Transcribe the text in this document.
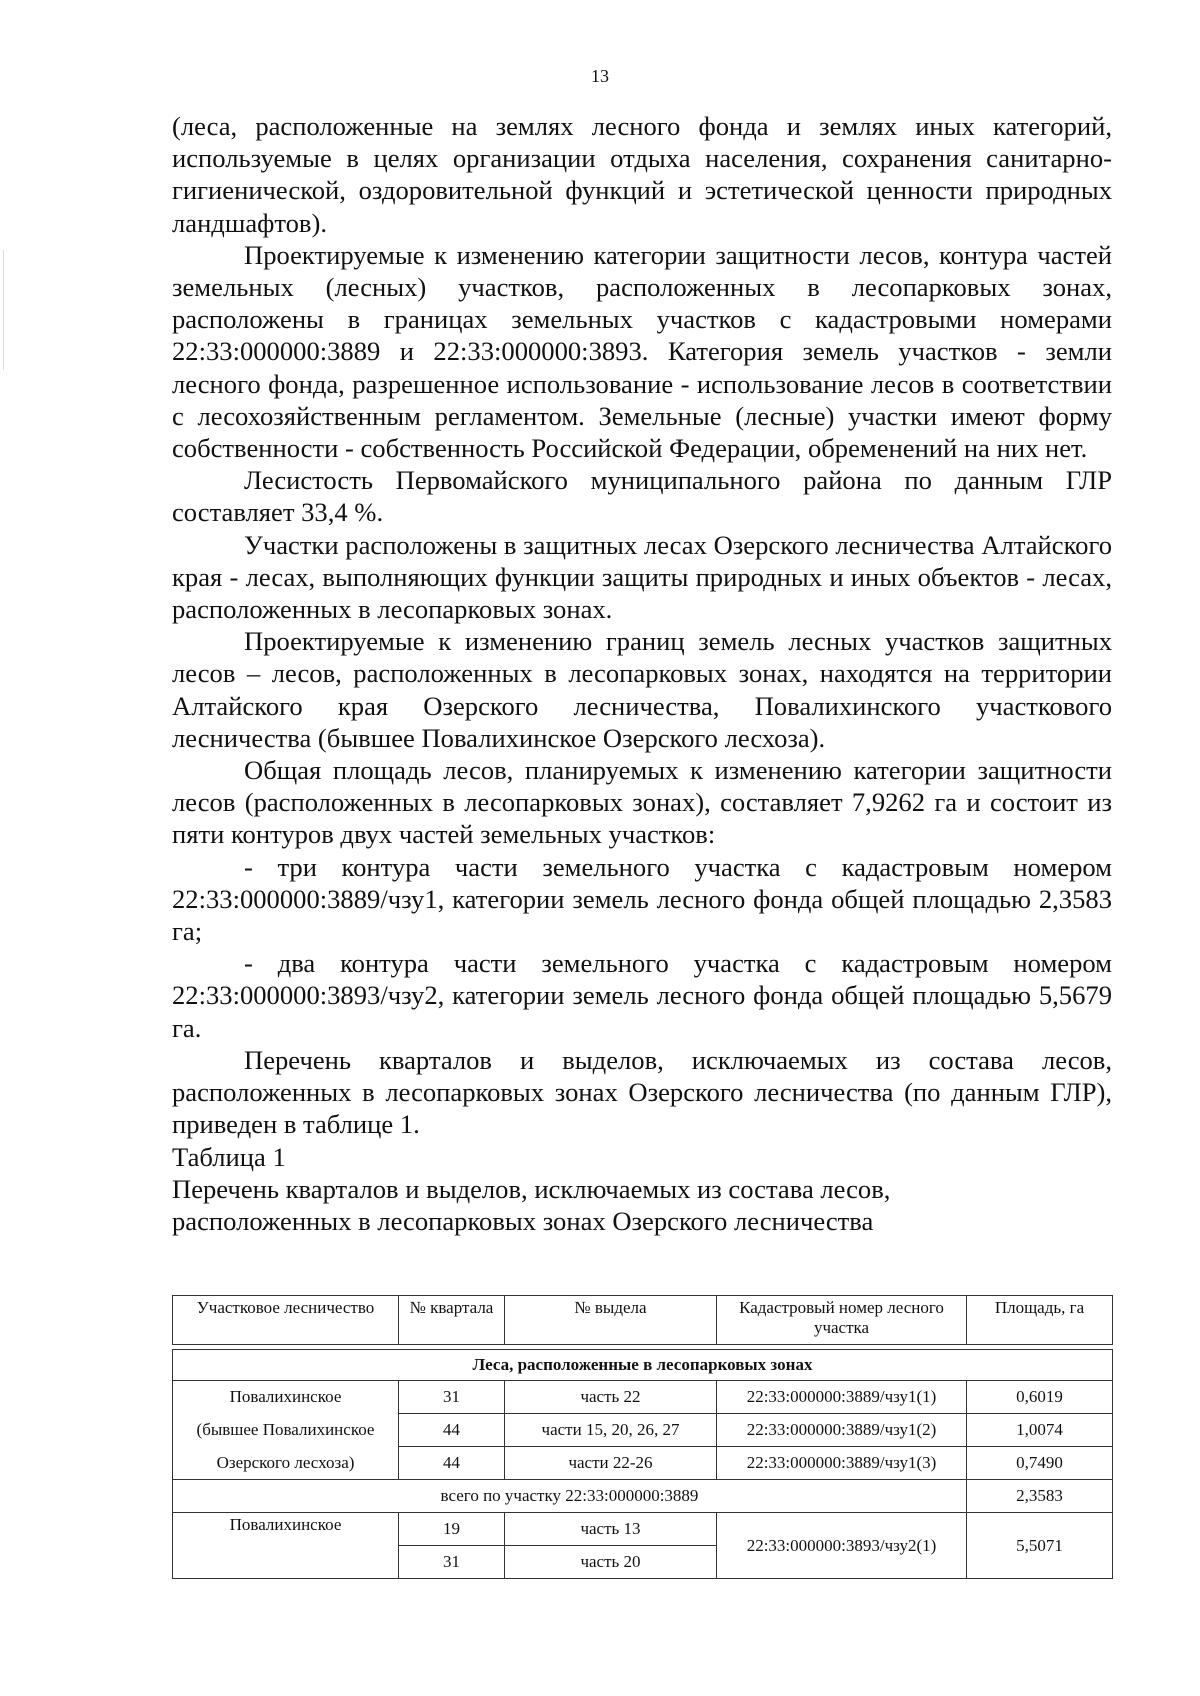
13

(леса, расположенные на землях лесного фонда и землях иных категорий, используемые в целях организации отдыха населения, сохранения санитарно-гигиенической, оздоровительной функций и эстетической ценности природных ландшафтов).

Проектируемые к изменению категории защитности лесов, контура частей земельных (лесных) участков, расположенных в лесопарковых зонах, расположены в границах земельных участков с кадастровыми номерами 22:33:000000:3889 и 22:33:000000:3893. Категория земель участков - земли лесного фонда, разрешенное использование - использование лесов в соответствии с лесохозяйственным регламентом. Земельные (лесные) участки имеют форму собственности - собственность Российской Федерации, обременений на них нет.

Лесистость Первомайского муниципального района по данным ГЛР составляет 33,4 %.

Участки расположены в защитных лесах Озерского лесничества Алтайского края - лесах, выполняющих функции защиты природных и иных объектов - лесах, расположенных в лесопарковых зонах.

Проектируемые к изменению границ земель лесных участков защитных лесов – лесов, расположенных в лесопарковых зонах, находятся на территории Алтайского края Озерского лесничества, Повалихинского участкового лесничества (бывшее Повалихинское Озерского лесхоза).

Общая площадь лесов, планируемых к изменению категории защитности лесов (расположенных в лесопарковых зонах), составляет 7,9262 га и состоит из пяти контуров двух частей земельных участков:

- три контура части земельного участка с кадастровым номером 22:33:000000:3889/чзу1, категории земель лесного фонда общей площадью 2,3583 га;

- два контура части земельного участка с кадастровым номером 22:33:000000:3893/чзу2, категории земель лесного фонда общей площадью 5,5679 га.

Перечень кварталов и выделов, исключаемых из состава лесов, расположенных в лесопарковых зонах Озерского лесничества (по данным ГЛР), приведен в таблице 1.

Таблица 1

Перечень кварталов и выделов, исключаемых из состава лесов,
расположенных в лесопарковых зонах Озерского лесничества

Участковое лесничество	№ квартала	№ выдела	Кадастровый номер лесного участка	Площадь, га

Леса, расположенные в лесопарковых зонах				
Повалихинское	31	часть 22	22:33:000000:3889/чзу1(1)	0,6019
(бывшее Повалихинское	44	части 15, 20, 26, 27	22:33:000000:3889/чзу1(2)	1,0074
Озерского лесхоза)	44	части 22-26	22:33:000000:3889/чзу1(3)	0,7490
всего по участку 22:33:000000:3889				2,3583
Повалихинское	19	часть 13	22:33:000000:3893/чзу2(1)	5,5071
	31	часть 20		
